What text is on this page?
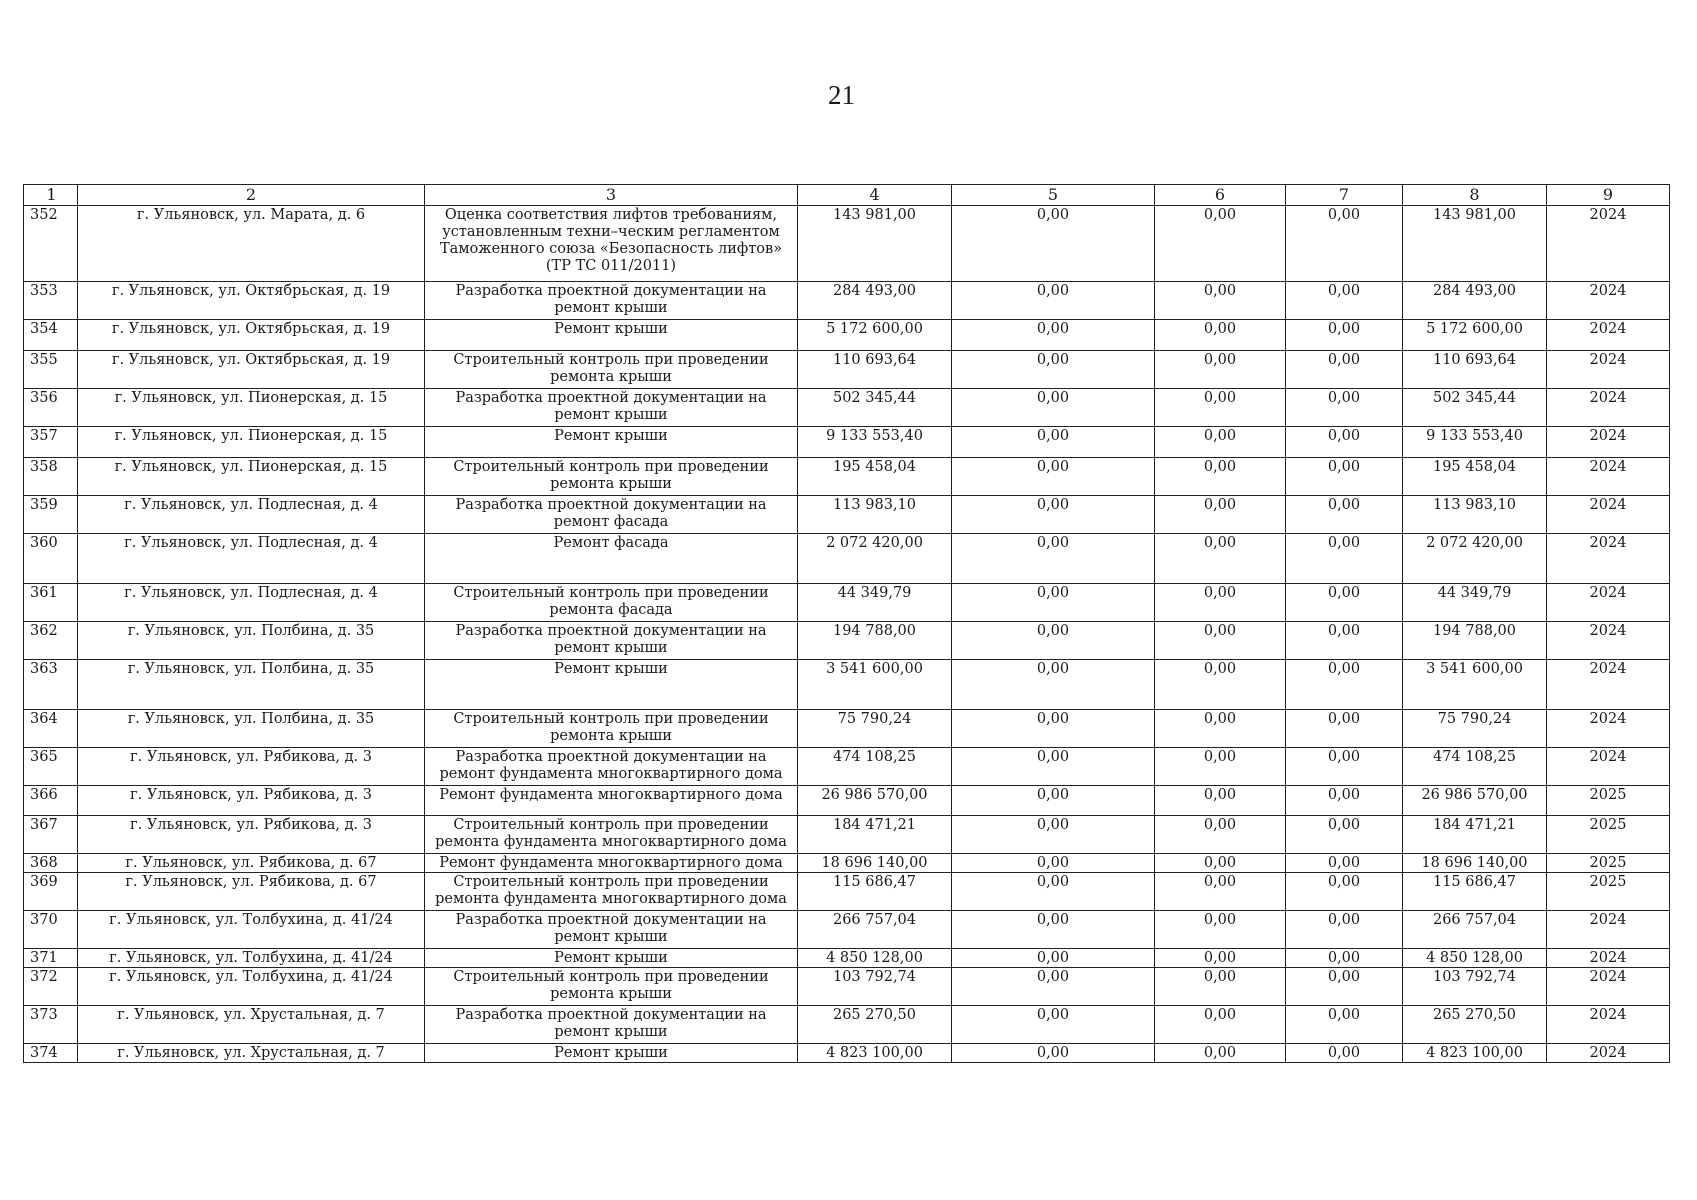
21
1	2	3	4	5	6	7	8	9
352	г. Ульяновск, ул. Марата, д. 6	Оценка соответствия лифтов требованиям, установленным техни–ческим регламентом Таможенного союза «Безопасность лифтов» (ТР ТС 011/2011)	143 981,00	0,00	0,00	0,00	143 981,00	2024
353	г. Ульяновск, ул. Октябрьская, д. 19	Разработка проектной документации на ремонт крыши	284 493,00	0,00	0,00	0,00	284 493,00	2024
354	г. Ульяновск, ул. Октябрьская, д. 19	Ремонт крыши	5 172 600,00	0,00	0,00	0,00	5 172 600,00	2024
355	г. Ульяновск, ул. Октябрьская, д. 19	Строительный контроль при проведении ремонта крыши	110 693,64	0,00	0,00	0,00	110 693,64	2024
356	г. Ульяновск, ул. Пионерская, д. 15	Разработка проектной документации на ремонт крыши	502 345,44	0,00	0,00	0,00	502 345,44	2024
357	г. Ульяновск, ул. Пионерская, д. 15	Ремонт крыши	9 133 553,40	0,00	0,00	0,00	9 133 553,40	2024
358	г. Ульяновск, ул. Пионерская, д. 15	Строительный контроль при проведении ремонта крыши	195 458,04	0,00	0,00	0,00	195 458,04	2024
359	г. Ульяновск, ул. Подлесная, д. 4	Разработка проектной документации на ремонт фасада	113 983,10	0,00	0,00	0,00	113 983,10	2024
360	г. Ульяновск, ул. Подлесная, д. 4	Ремонт фасада	2 072 420,00	0,00	0,00	0,00	2 072 420,00	2024
361	г. Ульяновск, ул. Подлесная, д. 4	Строительный контроль при проведении ремонта фасада	44 349,79	0,00	0,00	0,00	44 349,79	2024
362	г. Ульяновск, ул. Полбина, д. 35	Разработка проектной документации на ремонт крыши	194 788,00	0,00	0,00	0,00	194 788,00	2024
363	г. Ульяновск, ул. Полбина, д. 35	Ремонт крыши	3 541 600,00	0,00	0,00	0,00	3 541 600,00	2024
364	г. Ульяновск, ул. Полбина, д. 35	Строительный контроль при проведении ремонта крыши	75 790,24	0,00	0,00	0,00	75 790,24	2024
365	г. Ульяновск, ул. Рябикова, д. 3	Разработка проектной документации на ремонт фундамента многоквартирного дома	474 108,25	0,00	0,00	0,00	474 108,25	2024
366	г. Ульяновск, ул. Рябикова, д. 3	Ремонт фундамента многоквартирного дома	26 986 570,00	0,00	0,00	0,00	26 986 570,00	2025
367	г. Ульяновск, ул. Рябикова, д. 3	Строительный контроль при проведении ремонта фундамента многоквартирного дома	184 471,21	0,00	0,00	0,00	184 471,21	2025
368	г. Ульяновск, ул. Рябикова, д. 67	Ремонт фундамента многоквартирного дома	18 696 140,00	0,00	0,00	0,00	18 696 140,00	2025
369	г. Ульяновск, ул. Рябикова, д. 67	Строительный контроль при проведении ремонта фундамента многоквартирного дома	115 686,47	0,00	0,00	0,00	115 686,47	2025
370	г. Ульяновск, ул. Толбухина, д. 41/24	Разработка проектной документации на ремонт крыши	266 757,04	0,00	0,00	0,00	266 757,04	2024
371	г. Ульяновск, ул. Толбухина, д. 41/24	Ремонт крыши	4 850 128,00	0,00	0,00	0,00	4 850 128,00	2024
372	г. Ульяновск, ул. Толбухина, д. 41/24	Строительный контроль при проведении ремонта крыши	103 792,74	0,00	0,00	0,00	103 792,74	2024
373	г. Ульяновск, ул. Хрустальная, д. 7	Разработка проектной документации на ремонт крыши	265 270,50	0,00	0,00	0,00	265 270,50	2024
374	г. Ульяновск, ул. Хрустальная, д. 7	Ремонт крыши	4 823 100,00	0,00	0,00	0,00	4 823 100,00	2024
